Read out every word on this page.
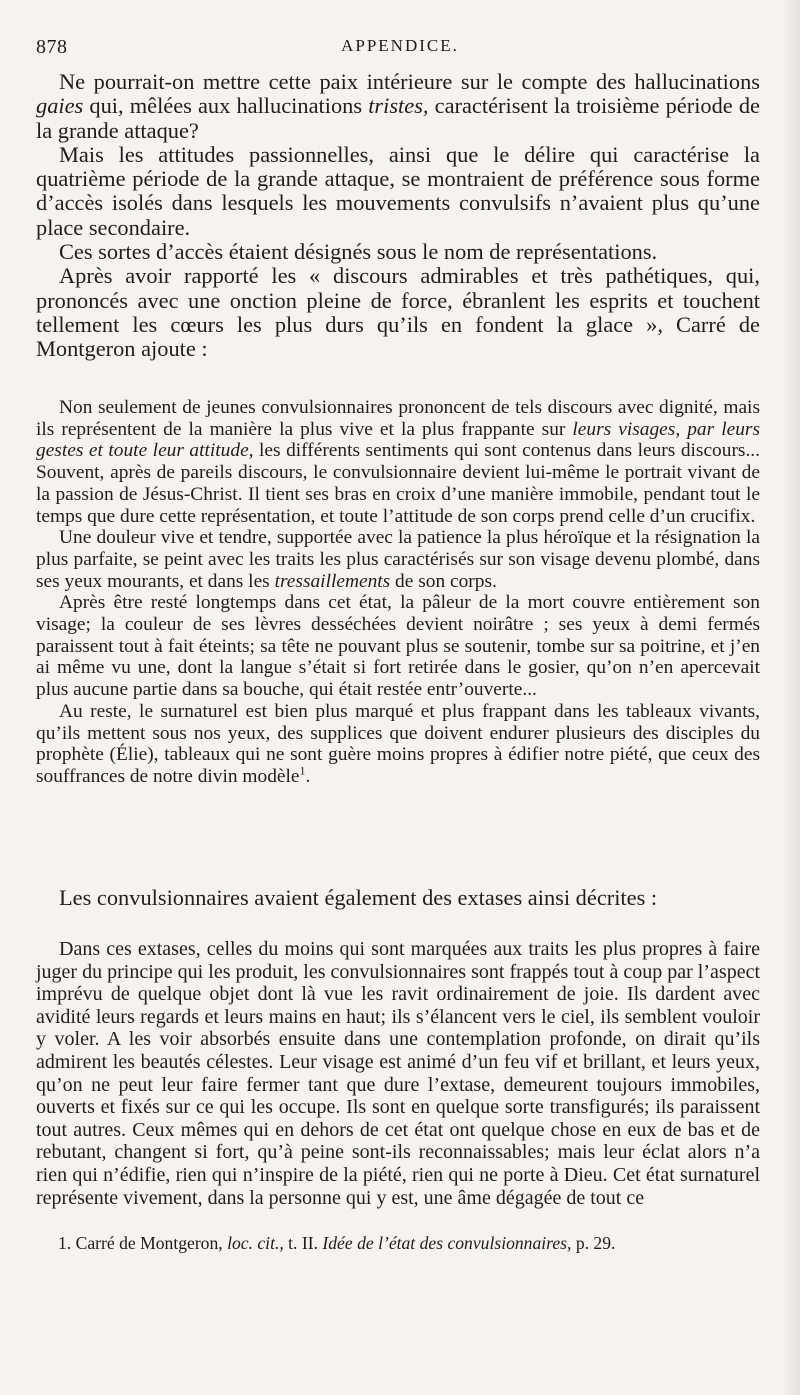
878	APPENDICE.

Ne pourrait-on mettre cette paix intérieure sur le compte des hallucinations gaies qui, mêlées aux hallucinations tristes, caractérisent la troisième période de la grande attaque?

Mais les attitudes passionnelles, ainsi que le délire qui caractérise la quatrième période de la grande attaque, se montraient de préférence sous forme d’accès isolés dans lesquels les mouvements convulsifs n’avaient plus qu’une place secondaire.

Ces sortes d’accès étaient désignés sous le nom de représentations.

Après avoir rapporté les « discours admirables et très pathétiques, qui, prononcés avec une onction pleine de force, ébranlent les esprits et touchent tellement les cœurs les plus durs qu’ils en fondent la glace », Carré de Montgeron ajoute :

Non seulement de jeunes convulsionnaires prononcent de tels discours avec dignité, mais ils représentent de la manière la plus vive et la plus frappante sur leurs visages, par leurs gestes et toute leur attitude, les différents sentiments qui sont contenus dans leurs discours... Souvent, après de pareils discours, le convulsionnaire devient lui-même le portrait vivant de la passion de Jésus-Christ. Il tient ses bras en croix d’une manière immobile, pendant tout le temps que dure cette représentation, et toute l’attitude de son corps prend celle d’un crucifix.

Une douleur vive et tendre, supportée avec la patience la plus héroïque et la résignation la plus parfaite, se peint avec les traits les plus caractérisés sur son visage devenu plombé, dans ses yeux mourants, et dans les tressaillements de son corps.

Après être resté longtemps dans cet état, la pâleur de la mort couvre entièrement son visage; la couleur de ses lèvres desséchées devient noirâtre ; ses yeux à demi fermés paraissent tout à fait éteints; sa tête ne pouvant plus se soutenir, tombe sur sa poitrine, et j’en ai même vu une, dont la langue s’était si fort retirée dans le gosier, qu’on n’en apercevait plus aucune partie dans sa bouche, qui était restée entr’ouverte...

Au reste, le surnaturel est bien plus marqué et plus frappant dans les tableaux vivants, qu’ils mettent sous nos yeux, des supplices que doivent endurer plusieurs des disciples du prophète (Élie), tableaux qui ne sont guère moins propres à édifier notre piété, que ceux des souffrances de notre divin modèle$^1$.

Les convulsionnaires avaient également des extases ainsi décrites :

Dans ces extases, celles du moins qui sont marquées aux traits les plus propres à faire juger du principe qui les produit, les convulsionnaires sont frappés tout à coup par l’aspect imprévu de quelque objet dont là vue les ravit ordinairement de joie. Ils dardent avec avidité leurs regards et leurs mains en haut; ils s’élancent vers le ciel, ils semblent vouloir y voler. A les voir absorbés ensuite dans une contemplation profonde, on dirait qu’ils admirent les beautés célestes. Leur visage est animé d’un feu vif et brillant, et leurs yeux, qu’on ne peut leur faire fermer tant que dure l’extase, demeurent toujours immobiles, ouverts et fixés sur ce qui les occupe. Ils sont en quelque sorte transfigurés; ils paraissent tout autres. Ceux mêmes qui en dehors de cet état ont quelque chose en eux de bas et de rebutant, changent si fort, qu’à peine sont-ils reconnaissables; mais leur éclat alors n’a rien qui n’édifie, rien qui n’inspire de la piété, rien qui ne porte à Dieu. Cet état surnaturel représente vivement, dans la personne qui y est, une âme dégagée de tout ce

1. Carré de Montgeron, loc. cit., t. II. Idée de l’état des convulsionnaires, p. 29.
